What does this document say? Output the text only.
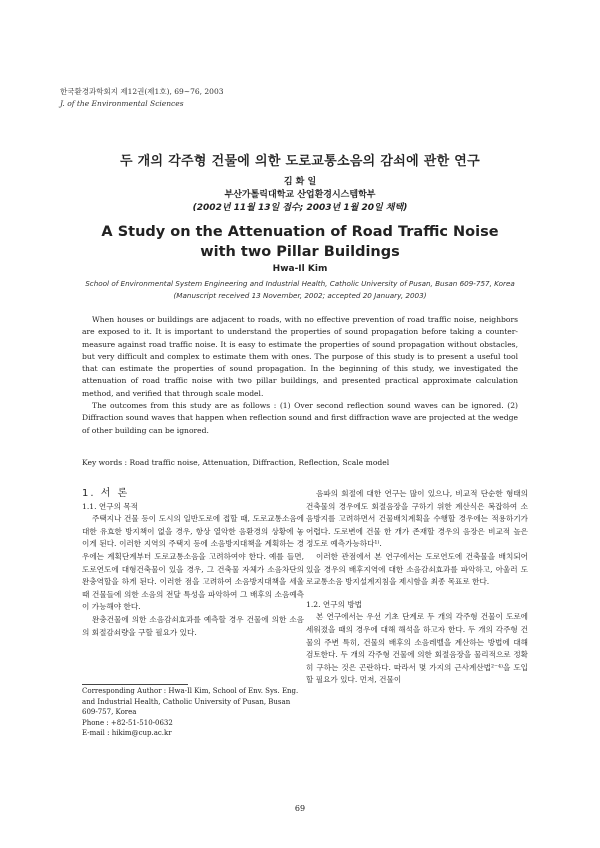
한국환경과학회지 제12권(제1호), 69~76, 2003
J. of the Environmental Sciences
두 개의 각주형 건물에 의한 도로교통소음의 감쇠에 관한 연구
김 화 일
부산가톨릭대학교 산업환경시스템학부
(2002년 11월 13일 접수; 2003년 1월 20일 채택)
A Study on the Attenuation of Road Traffic Noise
with two Pillar Buildings
Hwa-Il Kim
School of Environmental System Engineering and Industrial Health, Catholic University of Pusan, Busan 609-757, Korea
(Manuscript received 13 November, 2002; accepted 20 January, 2003)

When houses or buildings are adjacent to roads, with no effective prevention of road traffic noise, neighbors are exposed to it. It is important to understand the properties of sound propagation before taking a counter-measure against road traffic noise. It is easy to estimate the properties of sound propagation without obstacles, but very difficult and complex to estimate them with ones. The purpose of this study is to present a useful tool that can estimate the properties of sound propagation. In the beginning of this study, we investigated the attenuation of road traffic noise with two pillar buildings, and presented practical approximate calculation method, and verified that through scale model.

The outcomes from this study are as follows : (1) Over second reflection sound waves can be ignored. (2) Diffraction sound waves that happen when reflection sound and first diffraction wave are projected at the wedge of other building can be ignored.

Key words : Road traffic noise, Attenuation, Diffraction, Reflection, Scale model

1. 서 론

1.1. 연구의 목적

주택지나 건물 등이 도시의 일반도로에 접할 때, 도로교통소음에 대한 유효한 방지책이 없을 경우, 항상 열악한 음환경의 상황에 놓이게 된다. 이러한 지역의 주택지 등에 소음방지대책을 계획하는 경우에는 계획단계부터 도로교통소음을 고려하여야 한다. 예를 들면, 도로연도에 대형건축물이 있을 경우, 그 건축물 자체가 소음차단의 완충역할을 하게 된다. 이러한 점을 고려하여 소음방지대책을 세울 때 건물들에 의한 소음의 전달 특성을 파악하여 그 배후의 소음예측이 가능해야 한다.

완충건물에 의한 소음감쇠효과를 예측할 경우 건물에 의한 소음의 회절감쇠량을 구할 필요가 있다.

음파의 회절에 대한 연구는 많이 있으나, 비교적 단순한 형태의 건축물의 경우에도 회절음장을 구하기 위한 계산식은 복잡하여 소음방지를 고려하면서 건물배치계획을 수행할 경우에는 적용하기가 어렵다. 도로변에 건물 한 개가 존재할 경우의 음장은 비교적 높은 정도로 예측가능하다¹⁾.

이러한 관점에서 본 연구에서는 도로연도에 건축물을 배치되어 있을 경우의 배후지역에 대한 소음감쇠효과를 파악하고, 아울러 도로교통소음 방지설계지침을 제시함을 최종 목표로 한다.

1.2. 연구의 방법

본 연구에서는 우선 기초 단계로 두 개의 각주형 건물이 도로에 세워졌을 때의 경우에 대해 해석을 하고자 한다. 두 개의 각주형 건물의 주변 특히, 건물의 배후의 소음레벨을 계산하는 방법에 대해 검토한다. 두 개의 각주형 건물에 의한 회절음장을 물리적으로 정확히 구하는 것은 곤란하다. 따라서 몇 가지의 근사계산법²⁻⁴⁾을 도입할 필요가 있다. 먼저, 건물이

Corresponding Author : Hwa-Il Kim, School of Env. Sys. Eng. and Industrial Health, Catholic University of Pusan, Busan 609-757, Korea
Phone : +82-51-510-0632
E-mail : hikim@cup.ac.kr
69
